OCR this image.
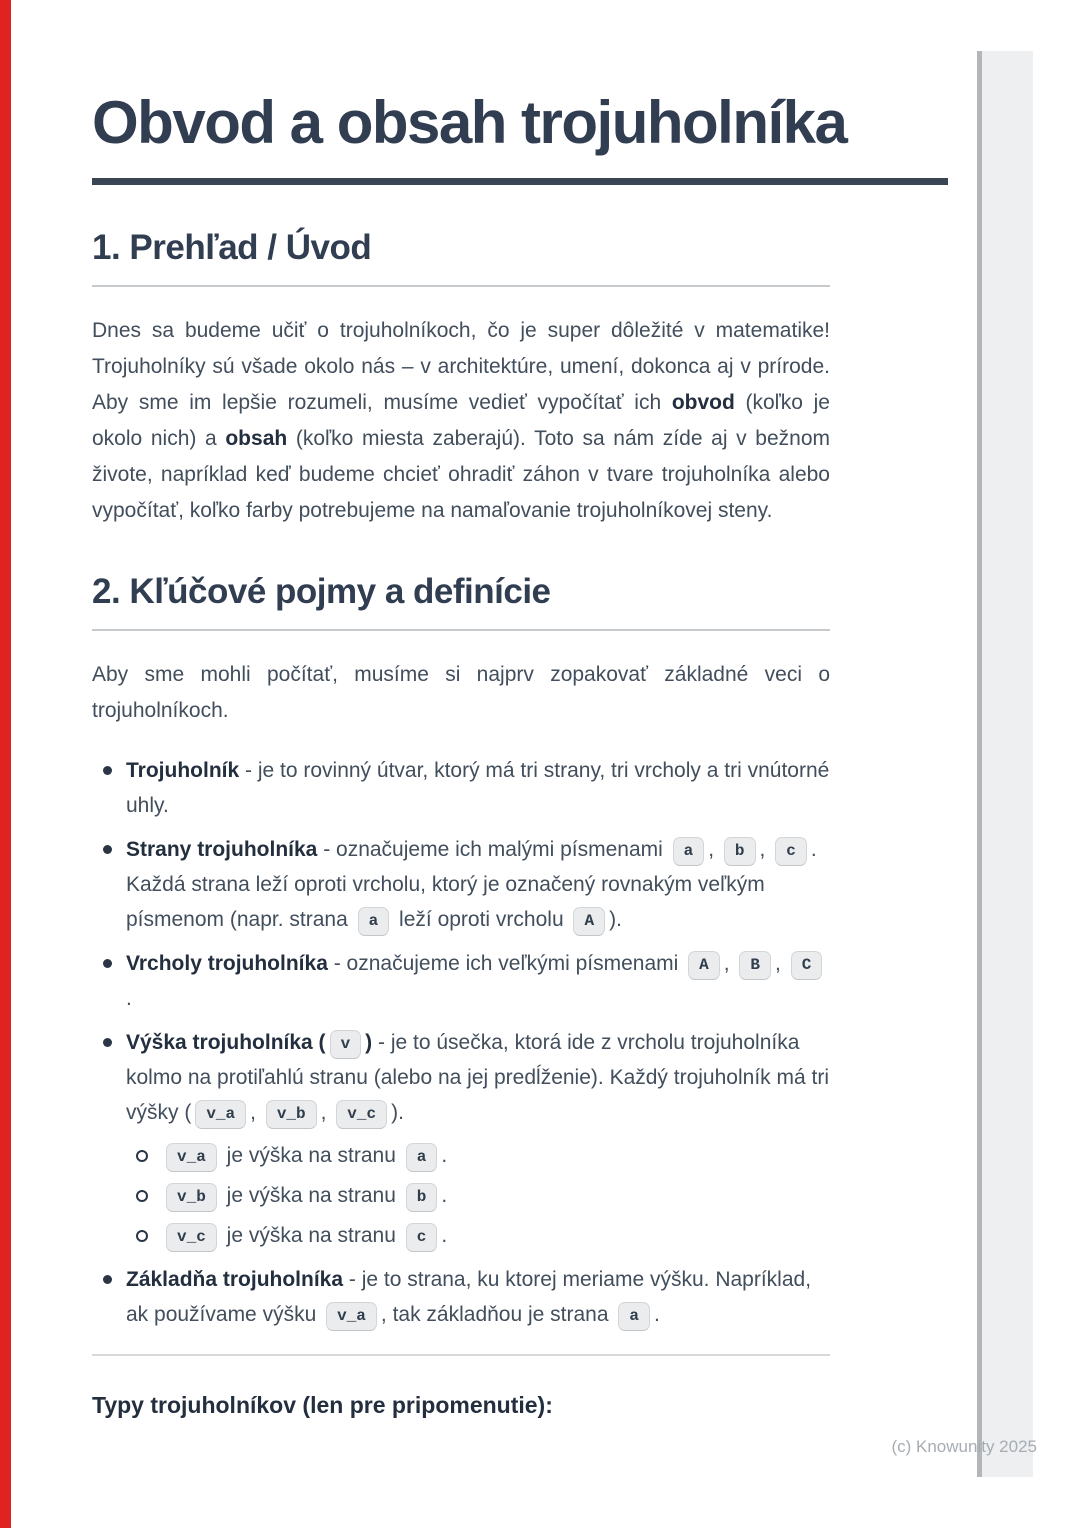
Obvod a obsah trojuholníka
1. Prehľad / Úvod

Dnes sa budeme učiť o trojuholníkoch, čo je super dôležité v matematike! Trojuholníky sú všade okolo nás – v architektúre, umení, dokonca aj v prírode. Aby sme im lepšie rozumeli, musíme vedieť vypočítať ich obvod (koľko je okolo nich) a obsah (koľko miesta zaberajú). Toto sa nám zíde aj v bežnom živote, napríklad keď budeme chcieť ohradiť záhon v tvare trojuholníka alebo vypočítať, koľko farby potrebujeme na namaľovanie trojuholníkovej steny.

2. Kľúčové pojmy a definície

Aby sme mohli počítať, musíme si najprv zopakovať základné veci o trojuholníkoch.

Trojuholník - je to rovinný útvar, ktorý má tri strany, tri vrcholy a tri vnútorné uhly.
Strany trojuholníka - označujeme ich malými písmenami a , b , c . Každá strana leží oproti vrcholu, ktorý je označený rovnakým veľkým písmenom (napr. strana a leží oproti vrcholu A ).
Vrcholy trojuholníka - označujeme ich veľkými písmenami A , B , C.
Výška trojuholníka ( v ) - je to úsečka, ktorá ide z vrcholu trojuholníka kolmo na protiľahlú stranu (alebo na jej predĺženie). Každý trojuholník má tri výšky ( v_a , v_b , v_c ).
v_a je výška na stranu a .
v_b je výška na stranu b .
v_c je výška na stranu c .
Základňa trojuholníka - je to strana, ku ktorej meriame výšku. Napríklad, ak používame výšku v_a , tak základňou je strana a .

Typy trojuholníkov (len pre pripomenutie):

(c) Knowunity 2025
